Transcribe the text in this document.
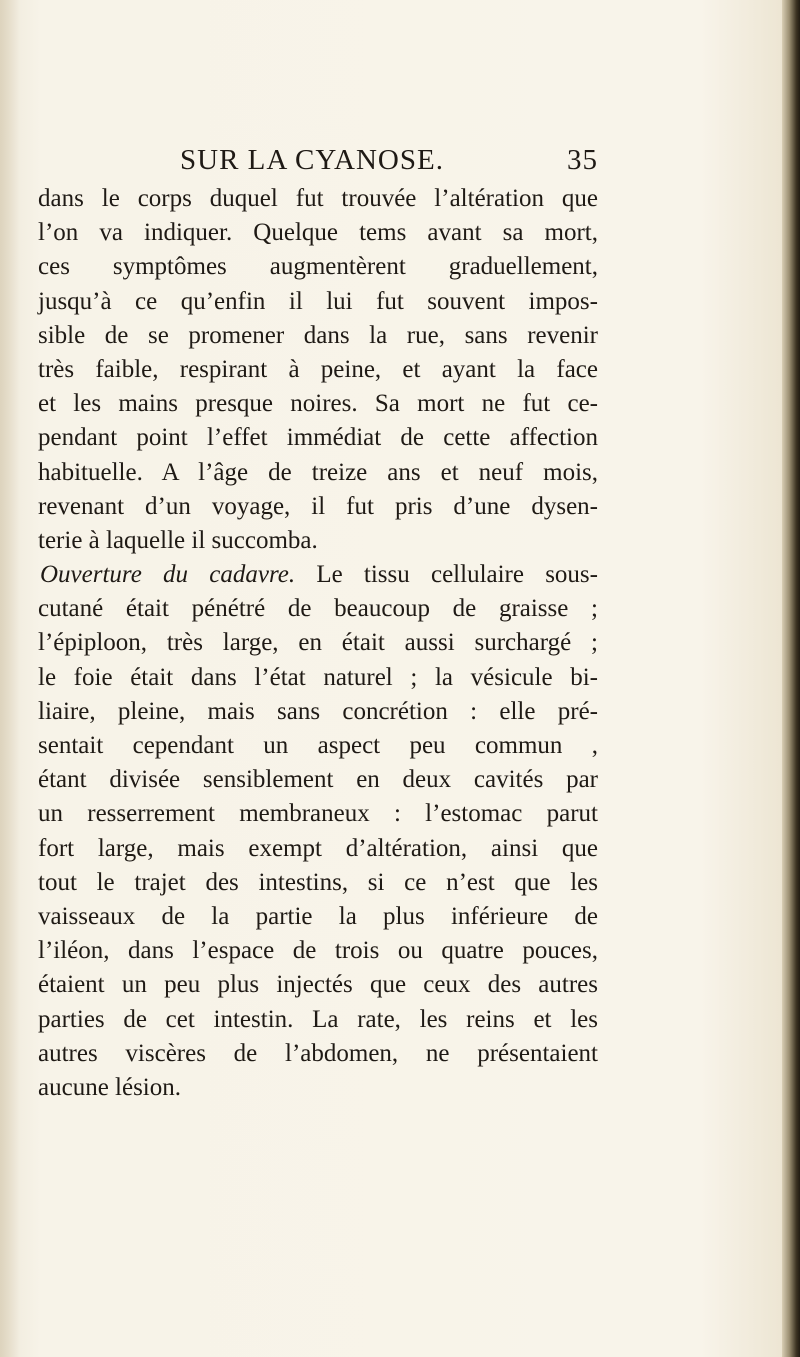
SUR LA CYANOSE.	35
dans le corps duquel fut trouvée l’altération que
l’on va indiquer. Quelque tems avant sa mort,
ces symptômes augmentèrent graduellement,
jusqu’à ce qu’enfin il lui fut souvent impos-
sible de se promener dans la rue, sans revenir
très faible, respirant à peine, et ayant la face
et les mains presque noires. Sa mort ne fut ce-
pendant point l’effet immédiat de cette affection
habituelle. A l’âge de treize ans et neuf mois,
revenant d’un voyage, il fut pris d’une dysen-
terie à laquelle il succomba.
Ouverture du cadavre. Le tissu cellulaire sous-
cutané était pénétré de beaucoup de graisse ;
l’épiploon, très large, en était aussi surchargé ;
le foie était dans l’état naturel ; la vésicule bi-
liaire, pleine, mais sans concrétion : elle pré-
sentait cependant un aspect peu commun ,
étant divisée sensiblement en deux cavités par
un resserrement membraneux : l’estomac parut
fort large, mais exempt d’altération, ainsi que
tout le trajet des intestins, si ce n’est que les
vaisseaux de la partie la plus inférieure de
l’iléon, dans l’espace de trois ou quatre pouces,
étaient un peu plus injectés que ceux des autres
parties de cet intestin. La rate, les reins et les
autres viscères de l’abdomen, ne présentaient
aucune lésion.
